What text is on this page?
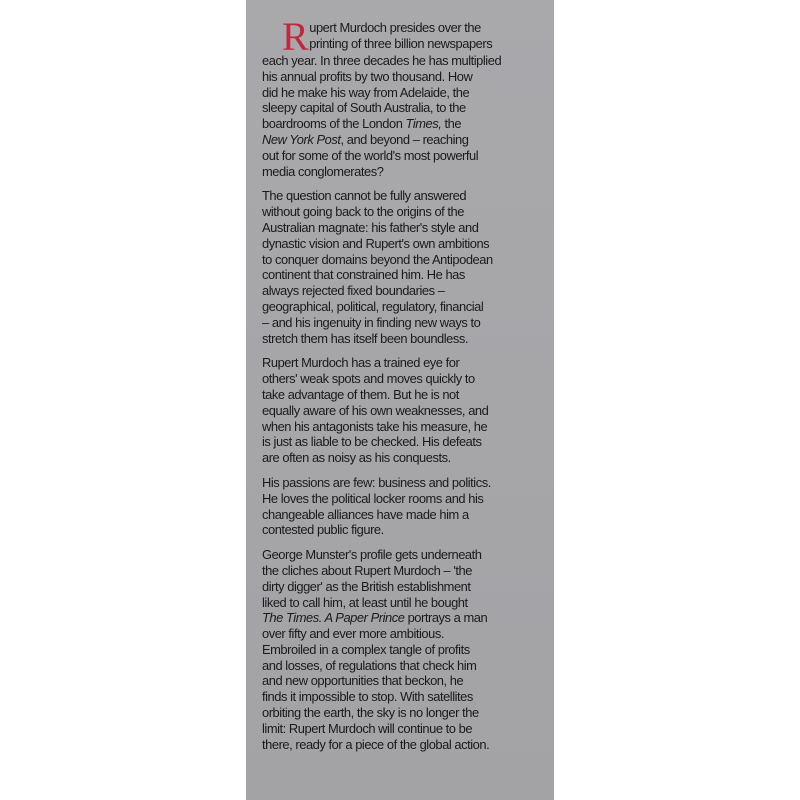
R upert Murdoch presides over the
printing of three billion newspapers
each year. In three decades he has multiplied
his annual profits by two thousand. How
did he make his way from Adelaide, the
sleepy capital of South Australia, to the
boardrooms of the London Times, the
New York Post, and beyond – reaching
out for some of the world's most powerful
media conglomerates?

The question cannot be fully answered
without going back to the origins of the
Australian magnate: his father's style and
dynastic vision and Rupert's own ambitions
to conquer domains beyond the Antipodean
continent that constrained him. He has
always rejected fixed boundaries –
geographical, political, regulatory, financial
– and his ingenuity in finding new ways to
stretch them has itself been boundless.

Rupert Murdoch has a trained eye for
others' weak spots and moves quickly to
take advantage of them. But he is not
equally aware of his own weaknesses, and
when his antagonists take his measure, he
is just as liable to be checked. His defeats
are often as noisy as his conquests.

His passions are few: business and politics.
He loves the political locker rooms and his
changeable alliances have made him a
contested public figure.

George Munster's profile gets underneath
the cliches about Rupert Murdoch – 'the
dirty digger' as the British establishment
liked to call him, at least until he bought
The Times. A Paper Prince portrays a man
over fifty and ever more ambitious.
Embroiled in a complex tangle of profits
and losses, of regulations that check him
and new opportunities that beckon, he
finds it impossible to stop. With satellites
orbiting the earth, the sky is no longer the
limit: Rupert Murdoch will continue to be
there, ready for a piece of the global action.
